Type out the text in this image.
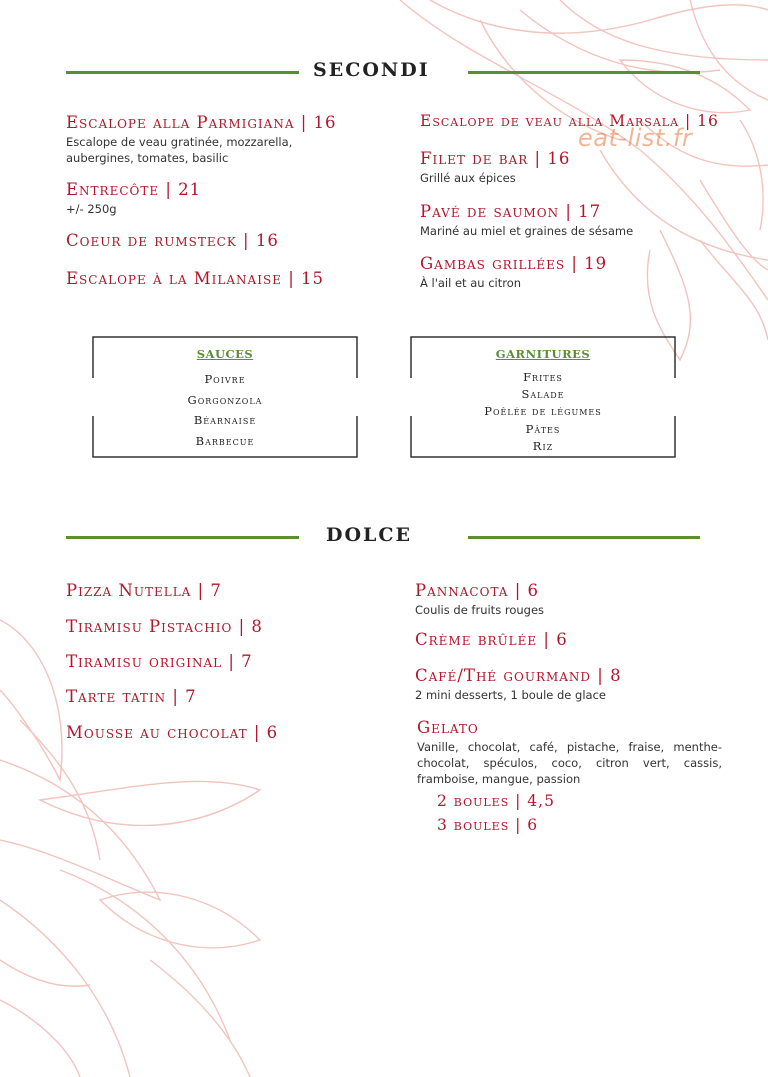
eat-list.fr
SECONDI
Escalope alla Parmigiana | 16
Escalope de veau gratinée, mozzarella, aubergines, tomates, basilic
Entrecôte | 21
+/- 250g
Coeur de rumsteck | 16
Escalope à la Milanaise | 15
Escalope de veau alla Marsala | 16
Filet de bar | 16
Grillé aux épices
Pavé de saumon | 17
Mariné au miel et graines de sésame
Gambas grillées | 19
À l'ail et au citron
SAUCES
Poivre
Gorgonzola
Béarnaise
Barbecue
GARNITURES
Frites
Salade
Poêlée de légumes
Pâtes
Riz
DOLCE
Pizza Nutella | 7
Tiramisu Pistachio | 8
Tiramisu original | 7
Tarte tatin | 7
Mousse au chocolat | 6
Pannacota | 6
Coulis de fruits rouges
Crème brûlée | 6
Café/Thé gourmand | 8
2 mini desserts, 1 boule de glace
Gelato
Vanille, chocolat, café, pistache, fraise, menthe-chocolat, spéculos, coco, citron vert, cassis, framboise, mangue, passion
2 boules | 4,5
3 boules | 6
